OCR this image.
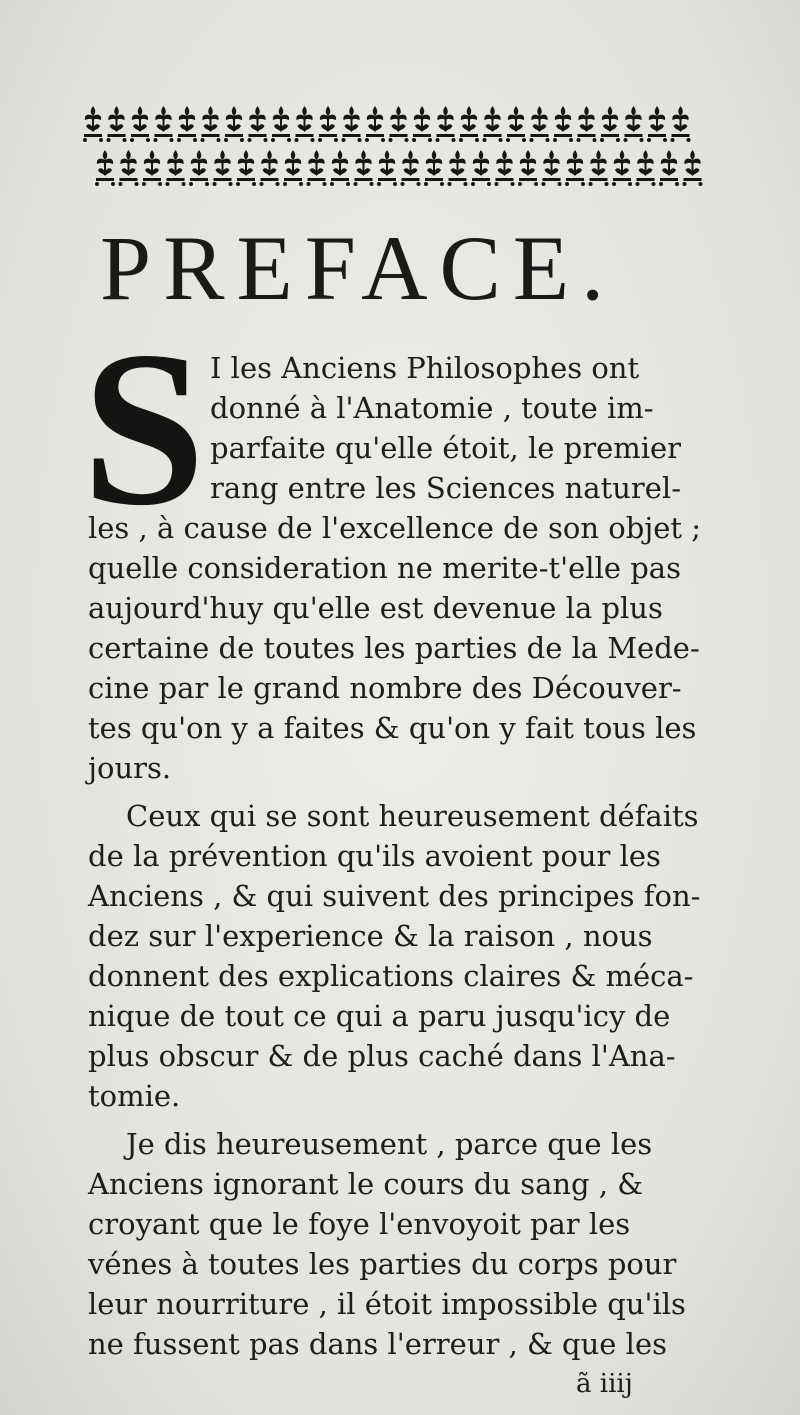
PREFACE.
S I les Anciens Philosophes ont
donné à l'Anatomie , toute im-
parfaite qu'elle étoit, le premier
rang entre les Sciences naturel-
les , à cause de l'excellence de son objet ;
quelle consideration ne merite-t'elle pas
aujourd'huy qu'elle est devenue la plus
certaine de toutes les parties de la Mede-
cine par le grand nombre des Découver-
tes qu'on y a faites & qu'on y fait tous les
jours.
Ceux qui se sont heureusement défaits
de la prévention qu'ils avoient pour les
Anciens , & qui suivent des principes fon-
dez sur l'experience & la raison , nous
donnent des explications claires & méca-
nique de tout ce qui a paru jusqu'icy de
plus obscur & de plus caché dans l'Ana-
tomie.
Je dis heureusement , parce que les
Anciens ignorant le cours du sang , &
croyant que le foye l'envoyoit par les
vénes à toutes les parties du corps pour
leur nourriture , il étoit impossible qu'ils
ne fussent pas dans l'erreur , & que les
ã iiij
